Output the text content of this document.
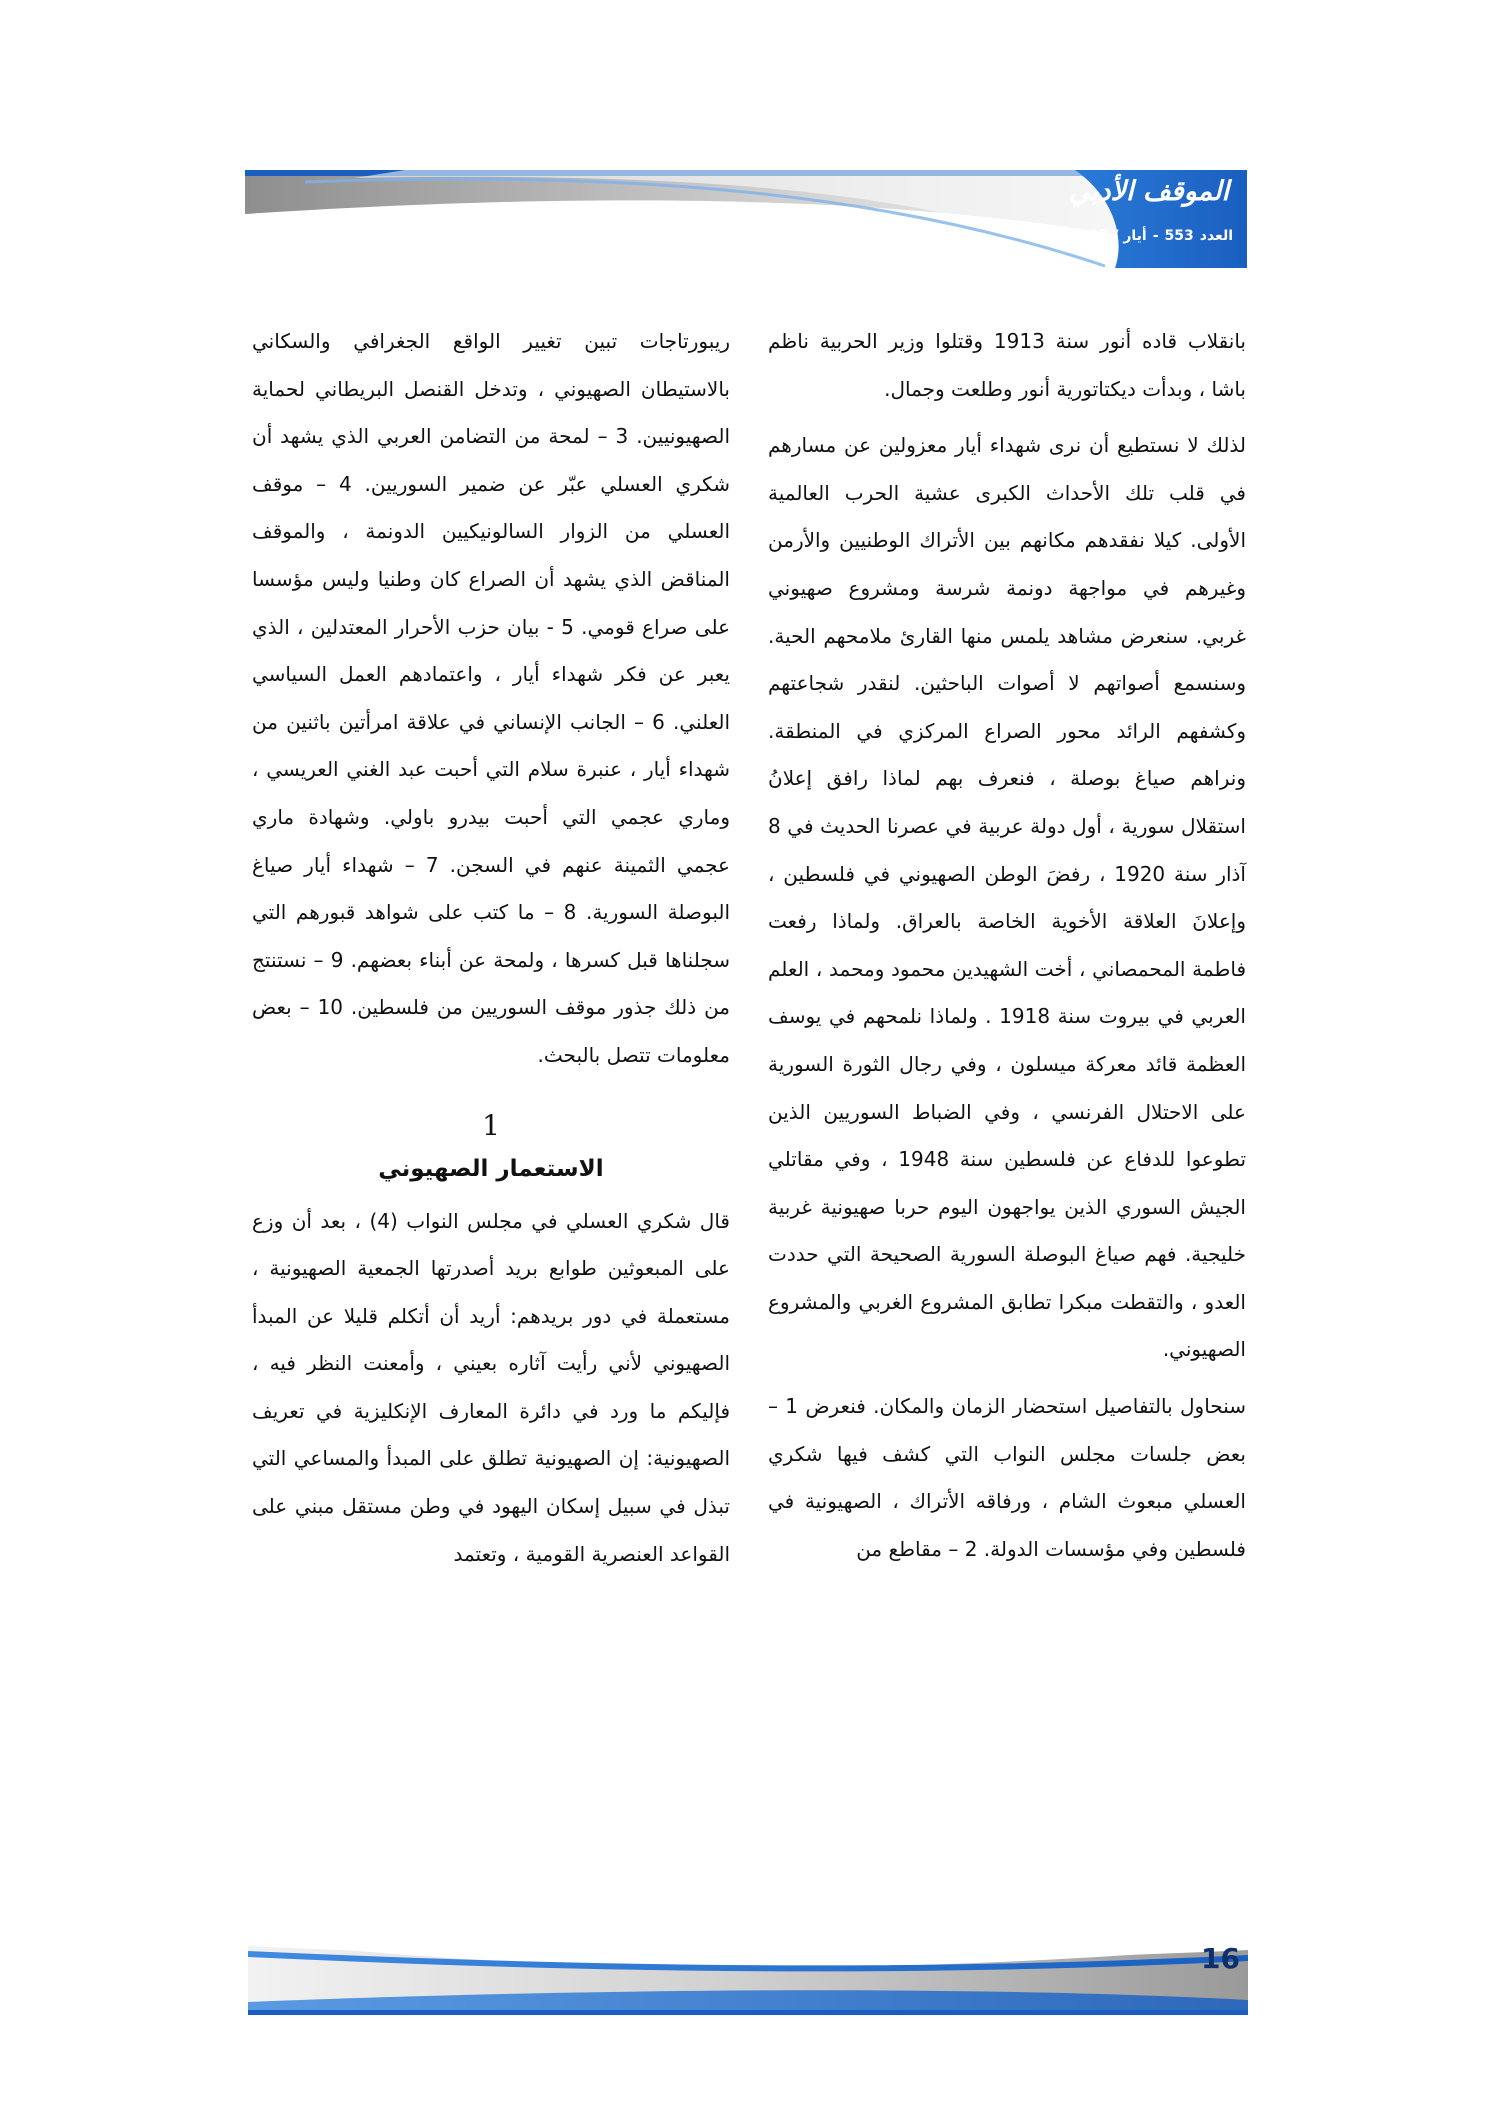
الموقف الأدبي
العدد553-أيار / 2017

بانقلاب قاده أنور سنة 1913 وقتلوا وزير الحربية ناظم باشا ، وبدأت ديكتاتورية أنور وطلعت وجمال.

لذلك لا نستطيع أن نرى شهداء أيار معزولين عن مسارهم في قلب تلك الأحداث الكبرى عشية الحرب العالمية الأولى. كيلا نفقدهم مكانهم بين الأتراك الوطنيين والأرمن وغيرهم في مواجهة دونمة شرسة ومشروع صهيوني غربي. سنعرض مشاهد يلمس منها القارئ ملامحهم الحية. وسنسمع أصواتهم لا أصوات الباحثين. لنقدر شجاعتهم وكشفهم الرائد محور الصراع المركزي في المنطقة. ونراهم صياغ بوصلة ، فنعرف بهم لماذا رافق إعلانُ استقلال سورية ، أول دولة عربية في عصرنا الحديث في 8 آذار سنة 1920 ، رفضَ الوطن الصهيوني في فلسطين ، وإعلانَ العلاقة الأخوية الخاصة بالعراق. ولماذا رفعت فاطمة المحمصاني ، أخت الشهيدين محمود ومحمد ، العلم العربي في بيروت سنة 1918 . ولماذا نلمحهم في يوسف العظمة قائد معركة ميسلون ، وفي رجال الثورة السورية على الاحتلال الفرنسي ، وفي الضباط السوريين الذين تطوعوا للدفاع عن فلسطين سنة 1948 ، وفي مقاتلي الجيش السوري الذين يواجهون اليوم حربا صهيونية غربية خليجية. فهم صياغ البوصلة السورية الصحيحة التي حددت العدو ، والتقطت مبكرا تطابق المشروع الغربي والمشروع الصهيوني.

سنحاول بالتفاصيل استحضار الزمان والمكان. فنعرض 1 – بعض جلسات مجلس النواب التي كشف فيها شكري العسلي مبعوث الشام ، ورفاقه الأتراك ، الصهيونية في فلسطين وفي مؤسسات الدولة. 2 – مقاطع من

ريبورتاجات تبين تغيير الواقع الجغرافي والسكاني بالاستيطان الصهيوني ، وتدخل القنصل البريطاني لحماية الصهيونيين. 3 – لمحة من التضامن العربي الذي يشهد أن شكري العسلي عبّر عن ضمير السوريين. 4 – موقف العسلي من الزوار السالونيكيين الدونمة ، والموقف المناقض الذي يشهد أن الصراع كان وطنيا وليس مؤسسا على صراع قومي. 5 - بيان حزب الأحرار المعتدلين ، الذي يعبر عن فكر شهداء أيار ، واعتمادهم العمل السياسي العلني. 6 – الجانب الإنساني في علاقة امرأتين باثنين من شهداء أيار ، عنبرة سلام التي أحبت عبد الغني العريسي ، وماري عجمي التي أحبت بيدرو باولي. وشهادة ماري عجمي الثمينة عنهم في السجن. 7 – شهداء أيار صياغ البوصلة السورية. 8 – ما كتب على شواهد قبورهم التي سجلناها قبل كسرها ، ولمحة عن أبناء بعضهم. 9 – نستنتج من ذلك جذور موقف السوريين من فلسطين. 10 – بعض معلومات تتصل بالبحث.

1
الاستعمار الصهيوني

قال شكري العسلي في مجلس النواب (4) ، بعد أن وزع على المبعوثين طوابع بريد أصدرتها الجمعية الصهيونية ، مستعملة في دور بريدهم: أريد أن أتكلم قليلا عن المبدأ الصهيوني لأني رأيت آثاره بعيني ، وأمعنت النظر فيه ، فإليكم ما ورد في دائرة المعارف الإنكليزية في تعريف الصهيونية: إن الصهيونية تطلق على المبدأ والمساعي التي تبذل في سبيل إسكان اليهود في وطن مستقل مبني على القواعد العنصرية القومية ، وتعتمد

16
